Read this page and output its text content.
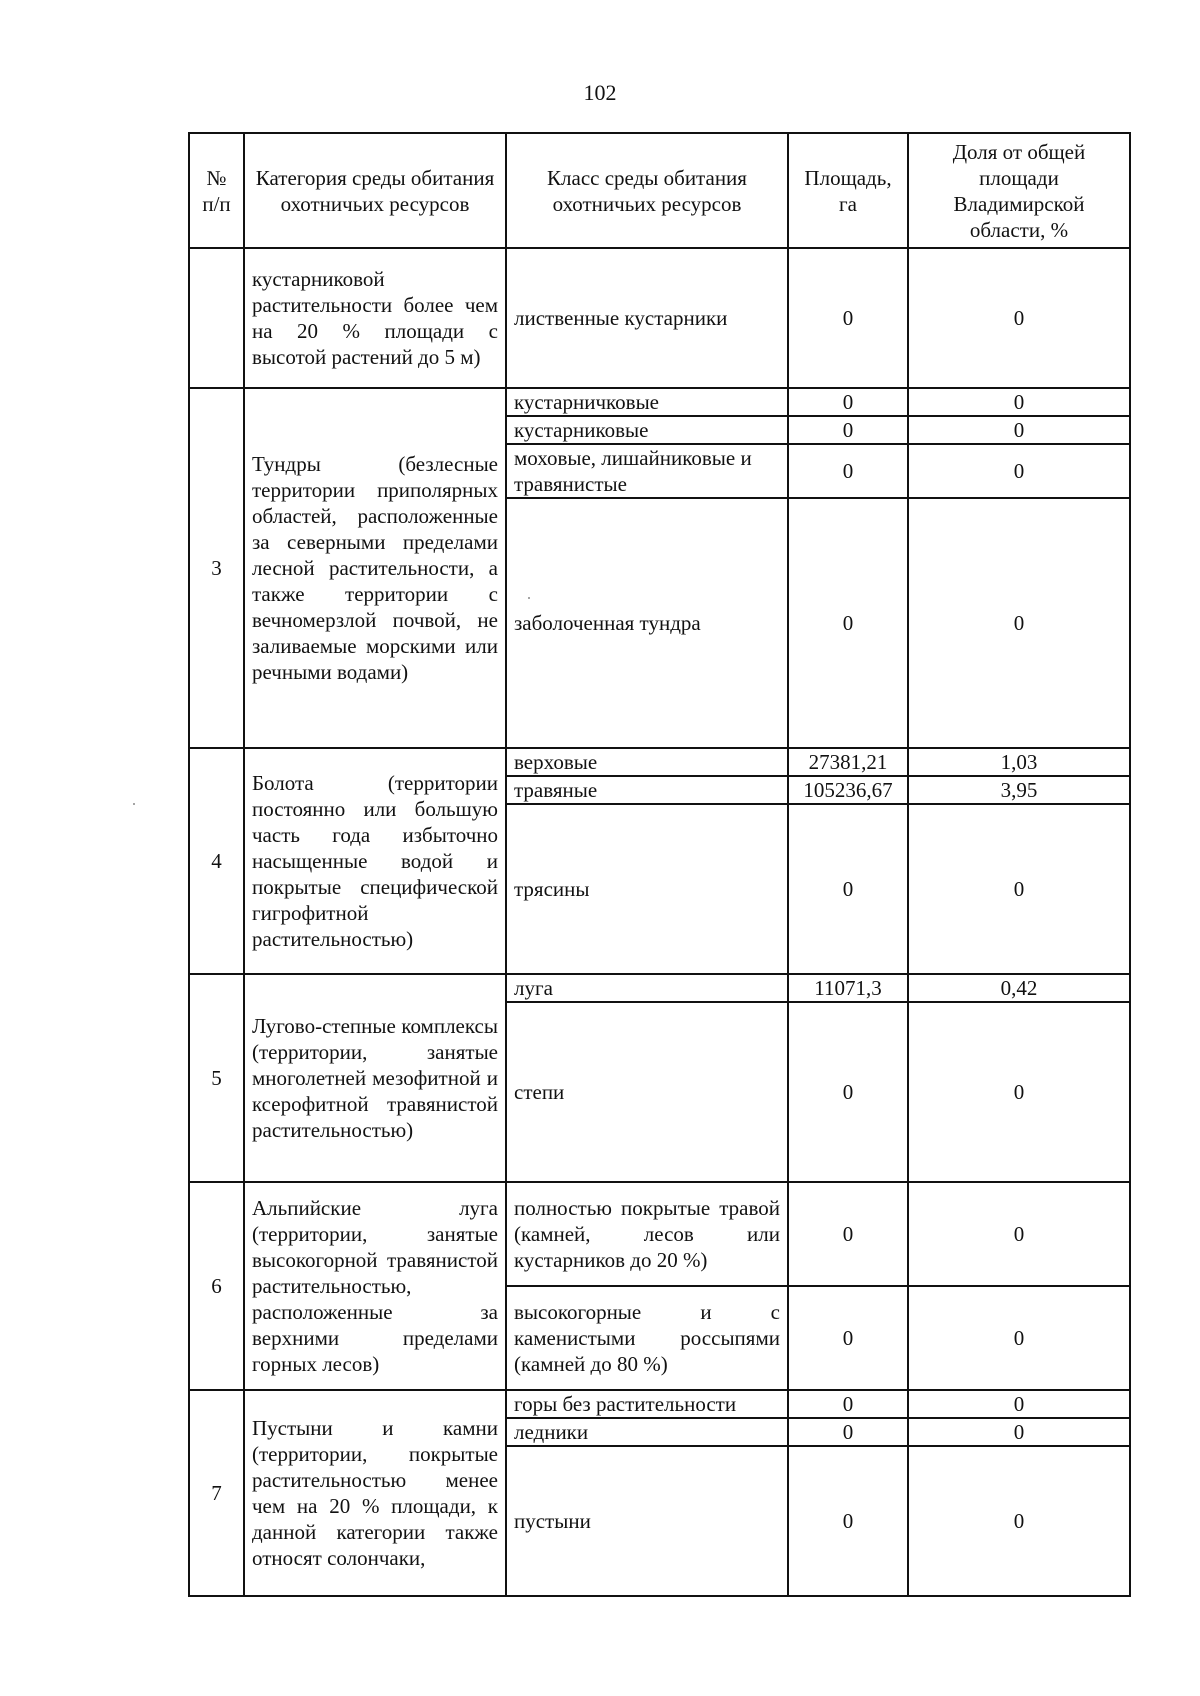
102
№ п/п	Категория среды обитания охотничьих ресурсов	Класс среды обитания охотничьих ресурсов	Площадь, га	Доля от общей площади Владимирской области, %
	кустарниковой растительности более чем на 20 % площади с высотой растений до 5 м)	лиственные кустарники	0	0
3	Тундры (безлесные территории приполярных областей, расположенные за северными пределами лесной растительности, а также территории с вечномерзлой почвой, не заливаемые морскими или речными водами)	кустарничковые	0	0
		кустарниковые	0	0
		моховые, лишайниковые и травянистые	0	0
		заболоченная тундра	0	0
4	Болота (территории постоянно или большую часть года избыточно насыщенные водой и покрытые специфической гигрофитной растительностью)	верховые	27381,21	1,03
		травяные	105236,67	3,95
		трясины	0	0
5	Лугово-степные комплексы (территории, занятые многолетней мезофитной и ксерофитной травянистой растительностью)	луга	11071,3	0,42
		степи	0	0
6	Альпийские луга (территории, занятые высокогорной травянистой растительностью, расположенные за верхними пределами горных лесов)	полностью покрытые травой (камней, лесов или кустарников до 20 %)	0	0
		высокогорные и с каменистыми россыпями (камней до 80 %)	0	0
7	Пустыни и камни (территории, покрытые растительностью менее чем на 20 % площади, к данной категории также относят солончаки,	горы без растительности	0	0
		ледники	0	0
		пустыни	0	0
